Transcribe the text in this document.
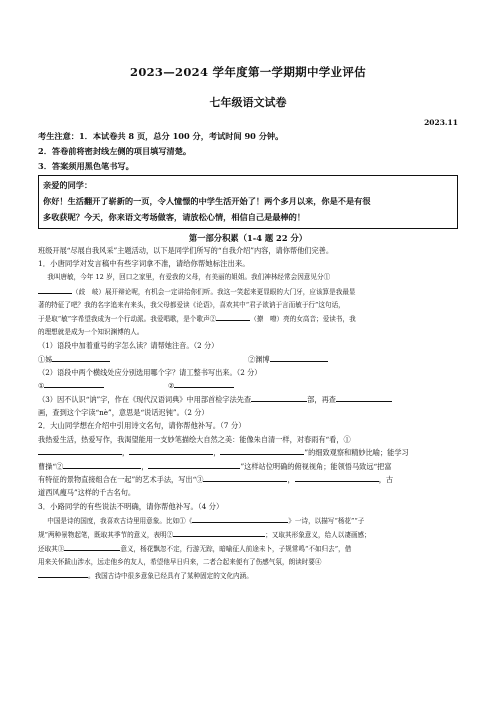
2023—2024 学年度第一学期期中学业评估
七年级语文试卷
2023.11
考生注意：1．本试卷共 8 页，总分 100 分，考试时间 90 分钟。
2．答卷前将密封线左侧的项目填写清楚。
3．答案须用黑色笔书写。
亲爱的同学：
你好！生活翻开了崭新的一页，令人憧憬的中学生活开始了！两个多月以来，你是不是有很
多收获呢？今天，你来语文考场做客，请放松心情，相信自己是最棒的！
第一部分积累（1-4 题 22 分）
班级开展“尽展自我风采”主题活动，以下是同学们所写的“自我介绍”内容，请你帮他们完善。
1．小唐同学对发言稿中有些字词拿不准，请给你帮她标注出来。
我叫唐敏，今年 12 岁，回口之家里，有爱我的父母，有美丽的姐姐。我们神林经常会因意见分①

（歧　岐）展开辩论呢，有机会一定讲给你们听。我这一笑起来更显眼的大门牙，应该算是我最显
著的特征了吧？我的名字追来有来头，我父母都爱读《论语》，喜欢其中“君子欲讷于言而敏于行”这句话，
于是取“敏”字希望我成为一个行动派。我爱唱歌，是个歌声②	（撩　嘹）亮的女高音；爱读书，我
的理想就是成为一个知识渊博的人。
（1）语段中加着重号的字怎么读？请帮她注音。（2 分）
①姊	②渊博
（2）语段中两个横线处应分别选用哪个字？请工整书写出来。（2 分）
①	②
（3）因不认识“讷”字，作在《现代汉语词典》中用部首检字法先查	部，再查
画，查到这个字读“nè”，意思是“说话迟钝”。（2 分）
2．大山同学想在介绍中引用诗文名句，请你帮他补写。（7 分）
我热爱生活，热爱写作，我渴望能用一支妙笔描绘大自然之美：能像朱自清一样，对春雨有“看，①
，	，	”的细致观察和精妙比喻；能学习
曹操“②	，	”这样站位明确的俯视视角；能领悟马致远“把富
有特征的景物直接组合在一起”的艺术手法，写出“③	，	，古
道西风瘦马”这样的千古名句。
3．小路同学的有些说法不明确，请你帮他补写。（4 分）
中国是诗的国度，我喜欢古诗里用意象。比如①《	》一诗，以描写“杨花”“子
规”两种景物起笔，既取其季节的意义，表明②	；又取其形象意义，给人以凄画感；
还取其③	意义，杨花飘忽不定，行游无踪，暗喻征人前途未卜，子规常鸣“不如归去”，借
用来关怀跋山涉水，远走他乡的友人，希望他早日归来，二者合起来便有了伤感气氛，朗读时要④
。我国古诗中很多意象已经具有了某种固定的文化内涵。
